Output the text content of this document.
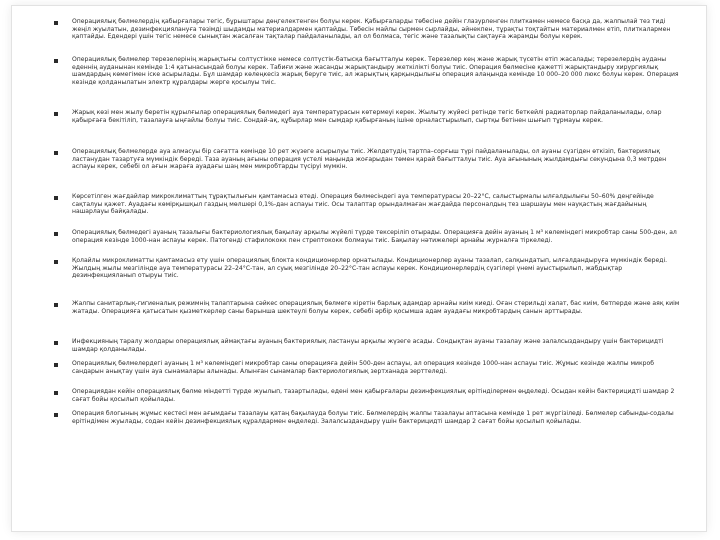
Операциялық бөлмелердің қабырғалары тегіс, бұрыштары дөңгелектенген болуы керек. Қабырғаларды төбесіне дейін глазурленген плиткамен немесе басқа да, жалпылай тез тиді жеңіл жуылатын, дезинфекциялануға төзімді шыдамды материалдармен қаптайды. Төбесін майлы сырмен сырлайды, әйнекпен, тұрақты тоқтайтын материалмен етіп, плиткалармен қаптайды. Едендері үшін тегіс немесе сынықтан жасалған тақталар пайдаланылады, ал ол болмаса, тегіс және тазалықты сақтауға жарамды болуы керек.
Операциялық бөлмелер терезелерінің жарықтығы солтүстікке немесе солтүстік-батысқа бағытталуы керек. Терезелер кең және жарық түсетін етіп жасалады; терезелердің ауданы еденнің ауданынан кемінде 1:4 қатынасындай болуы керек. Табиғи және жасанды жарықтандыру жеткілікті болуы тиіс. Операция бөлмесіне қажетті жарықтандыру хирургиялық шамдардың көмегімен іске асырылады. Бұл шамдар көлеңкесіз жарық беруге тиіс, ал жарықтың қарқындылығы операция алаңында кемінде 10 000–20 000 люкс болуы керек. Операция кезінде қолданылатын электр құралдары жерге қосылуы тиіс.
Жарық көзі мен жылу беретін құрылғылар операциялық бөлмедегі ауа температурасын көтермеуі керек. Жылыту жүйесі ретінде тегіс беткейлі радиаторлар пайдаланылады, олар қабырғаға бекітіліп, тазалауға ыңғайлы болуы тиіс. Сондай-ақ, құбырлар мен сымдар қабырғаның ішіне орналастырылып, сыртқы бетінен шығып тұрмауы керек.
Операциялық бөлмелерде ауа алмасуы бір сағатта кемінде 10 рет жүзеге асырылуы тиіс. Желдетудің тартпа–сорғыш түрі пайдаланылады, ол ауаны сүзгіден өткізіп, бактериялық ластанудан тазартуға мүмкіндік береді. Таза ауаның ағыны операция үстелі маңында жоғарыдан төмен қарай бағытталуы тиіс. Ауа ағынының жылдамдығы секундына 0,3 метрден аспауы керек, себебі ол ағын жараға ауадағы шаң мен микробтарды түсіруі мүмкін.
Көрсетілген жағдайлар микроклиматтың тұрақтылығын қамтамасыз етеді. Операция бөлмесіндегі ауа температурасы 20–22°С, салыстырмалы ылғалдылығы 50–60% деңгейінде сақталуы қажет. Ауадағы көмірқышқыл газдың мөлшері 0,1%-дан аспауы тиіс. Осы талаптар орындалмаған жағдайда персоналдың тез шаршауы мен науқастың жағдайының нашарлауы байқалады.
Операциялық бөлмедегі ауаның тазалығы бактериологиялық бақылау арқылы жүйелі түрде тексеріліп отырады. Операцияға дейін ауаның 1 м³ көлеміндегі микробтар саны 500-ден, ал операция кезінде 1000-нан аспауы керек. Патогенді стафилококк пен стрептококк болмауы тиіс. Бақылау нәтижелері арнайы журналға тіркеледі.
Қолайлы микроклиматты қамтамасыз ету үшін операциялық блокта кондиционерлер орнатылады. Кондиционерлер ауаны тазалап, салқындатып, ылғалдандыруға мүмкіндік береді. Жылдың жылы мезгілінде ауа температурасы 22–24°С-тан, ал суық мезгілінде 20–22°С-тан аспауы керек. Кондиционерлердің сүзгілері үнемі ауыстырылып, жабдықтар дезинфекцияланып отыруы тиіс.
Жалпы санитарлық-гигиеналық режимнің талаптарына сәйкес операциялық бөлмеге кіретін барлық адамдар арнайы киім киеді. Оған стерильді халат, бас киім, бетперде және аяқ киім жатады. Операцияға қатысатын қызметкерлер саны барынша шектеулі болуы керек, себебі әрбір қосымша адам ауадағы микробтардың санын арттырады.
Инфекцияның таралу жолдары операциялық аймақтағы ауаның бактериялық ластануы арқылы жүзеге асады. Сондықтан ауаны тазалау және залалсыздандыру үшін бактерицидті шамдар қолданылады.
Операциялық бөлмелердегі ауаның 1 м³ көлеміндегі микробтар саны операцияға дейін 500-ден аспауы, ал операция кезінде 1000-нан аспауы тиіс. Жұмыс кезінде жалпы микроб сандарын анықтау үшін ауа сынамалары алынады. Алынған сынамалар бактериологиялық зертханада зерттеледі.
Операциядан кейін операциялық бөлме міндетті түрде жуылып, тазартылады, едені мен қабырғалары дезинфекциялық ерітінділермен өңделеді. Осыдан кейін бактерицидті шамдар 2 сағат бойы қосылып қойылады.
Операция блогының жұмыс кестесі мен ағымдағы тазалауы қатаң бақылауда болуы тиіс. Бөлмелердің жалпы тазалауы аптасына кемінде 1 рет жүргізіледі. Бөлмелер сабынды-содалы ерітіндімен жуылады, содан кейін дезинфекциялық құралдармен өңделеді. Залалсыздандыру үшін бактерицидті шамдар 2 сағат бойы қосылып қойылады.
